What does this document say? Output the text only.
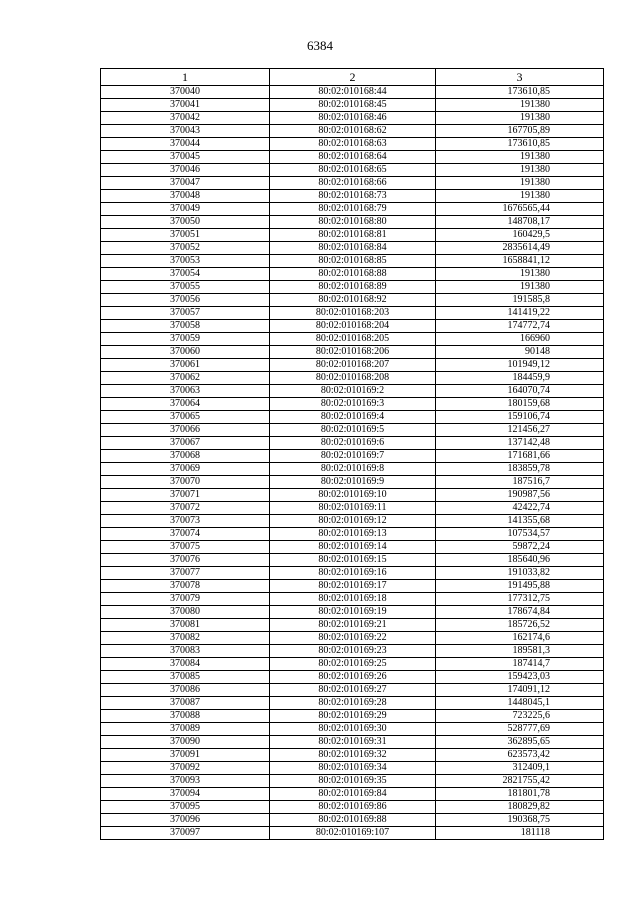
6384
1	2	3
370040	80:02:010168:44	173610,85
370041	80:02:010168:45	191380
370042	80:02:010168:46	191380
370043	80:02:010168:62	167705,89
370044	80:02:010168:63	173610,85
370045	80:02:010168:64	191380
370046	80:02:010168:65	191380
370047	80:02:010168:66	191380
370048	80:02:010168:73	191380
370049	80:02:010168:79	1676565,44
370050	80:02:010168:80	148708,17
370051	80:02:010168:81	160429,5
370052	80:02:010168:84	2835614,49
370053	80:02:010168:85	1658841,12
370054	80:02:010168:88	191380
370055	80:02:010168:89	191380
370056	80:02:010168:92	191585,8
370057	80:02:010168:203	141419,22
370058	80:02:010168:204	174772,74
370059	80:02:010168:205	166960
370060	80:02:010168:206	90148
370061	80:02:010168:207	101949,12
370062	80:02:010168:208	184459,9
370063	80:02:010169:2	164070,74
370064	80:02:010169:3	180159,68
370065	80:02:010169:4	159106,74
370066	80:02:010169:5	121456,27
370067	80:02:010169:6	137142,48
370068	80:02:010169:7	171681,66
370069	80:02:010169:8	183859,78
370070	80:02:010169:9	187516,7
370071	80:02:010169:10	190987,56
370072	80:02:010169:11	42422,74
370073	80:02:010169:12	141355,68
370074	80:02:010169:13	107534,57
370075	80:02:010169:14	59872,24
370076	80:02:010169:15	185640,96
370077	80:02:010169:16	191033,82
370078	80:02:010169:17	191495,88
370079	80:02:010169:18	177312,75
370080	80:02:010169:19	178674,84
370081	80:02:010169:21	185726,52
370082	80:02:010169:22	162174,6
370083	80:02:010169:23	189581,3
370084	80:02:010169:25	187414,7
370085	80:02:010169:26	159423,03
370086	80:02:010169:27	174091,12
370087	80:02:010169:28	1448045,1
370088	80:02:010169:29	723225,6
370089	80:02:010169:30	528777,69
370090	80:02:010169:31	362895,65
370091	80:02:010169:32	623573,42
370092	80:02:010169:34	312409,1
370093	80:02:010169:35	2821755,42
370094	80:02:010169:84	181801,78
370095	80:02:010169:86	180829,82
370096	80:02:010169:88	190368,75
370097	80:02:010169:107	181118
